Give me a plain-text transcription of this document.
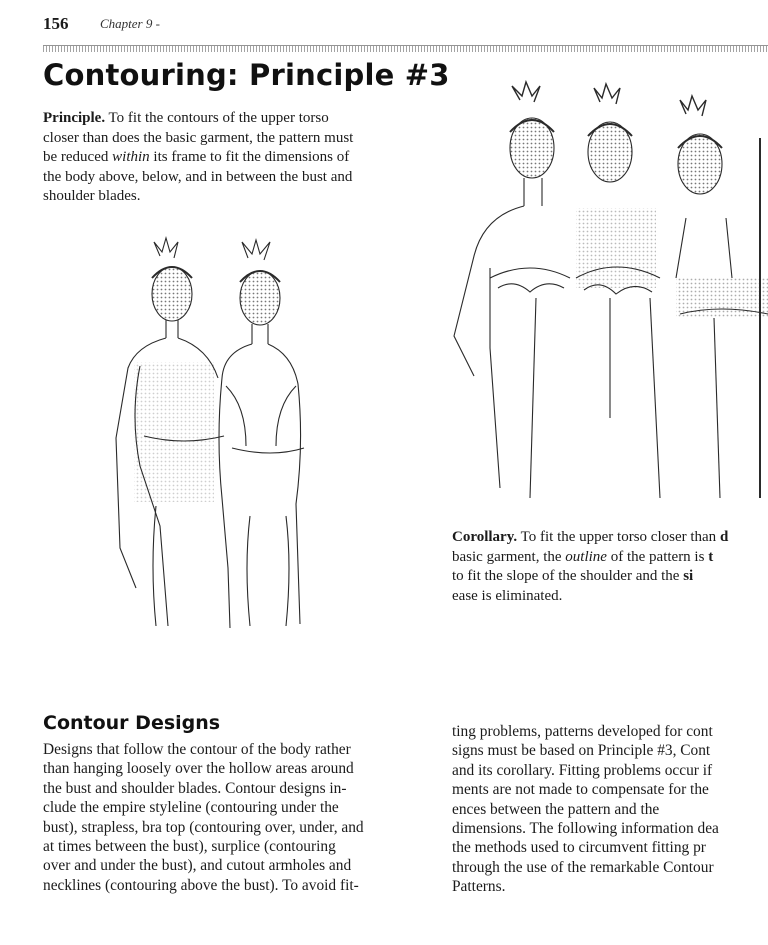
156 Chapter 9 -
Contouring: Principle #3
Principle. To fit the contours of the upper torso
closer than does the basic garment, the pattern must
be reduced within its frame to fit the dimensions of
the body above, below, and in between the bust and
shoulder blades.
Corollary. To fit the upper torso closer than d
basic garment, the outline of the pattern is t
to fit the slope of the shoulder and the si
ease is eliminated.
Contour Designs
Designs that follow the contour of the body rather
than hanging loosely over the hollow areas around
the bust and shoulder blades. Contour designs in-
clude the empire styleline (contouring under the
bust), strapless, bra top (contouring over, under, and
at times between the bust), surplice (contouring
over and under the bust), and cutout armholes and
necklines (contouring above the bust). To avoid fit-
ting problems, patterns developed for cont
signs must be based on Principle #3, Cont
and its corollary. Fitting problems occur if
ments are not made to compensate for the
ences between the pattern and the
dimensions. The following information dea
the methods used to circumvent fitting pr
through the use of the remarkable Contour
Patterns.
